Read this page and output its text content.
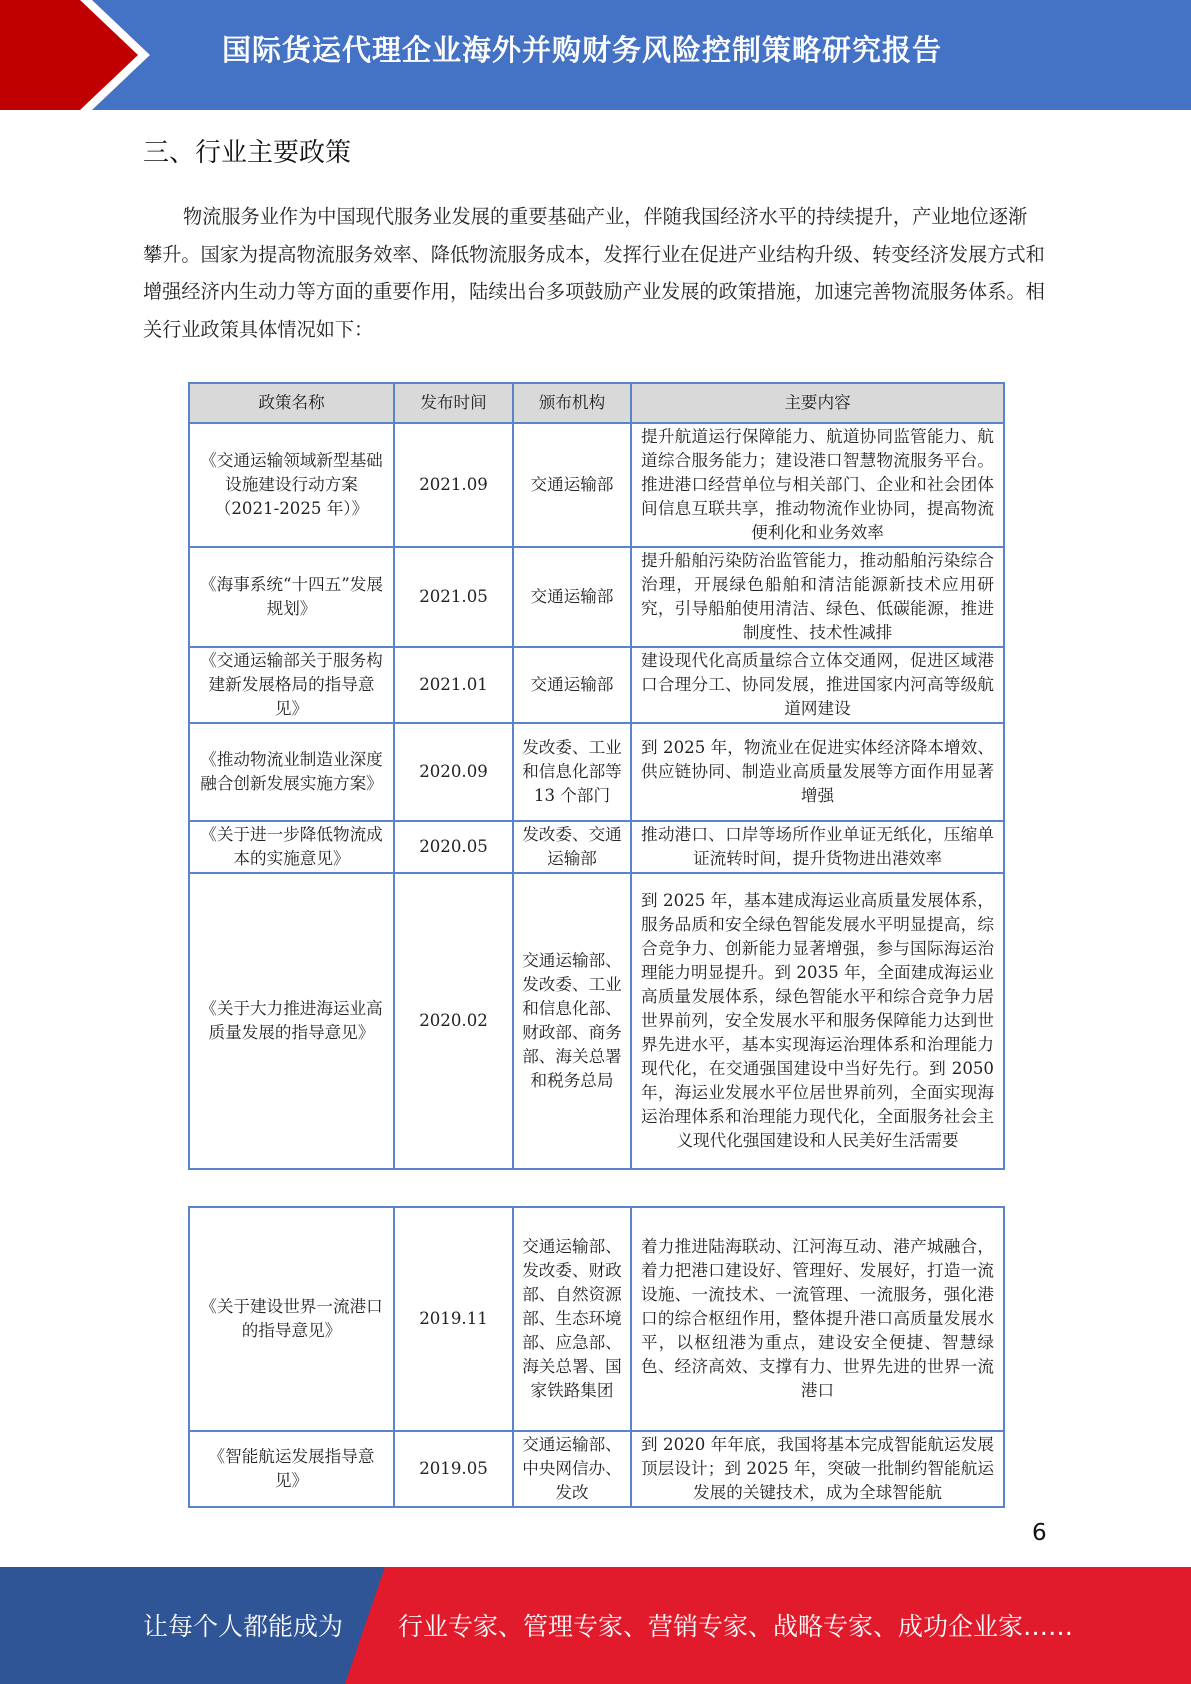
国际货运代理企业海外并购财务风险控制策略研究报告
三、行业主要政策
物流服务业作为中国现代服务业发展的重要基础产业，伴随我国经济水平的持续提升，产业地位逐渐攀升。国家为提高物流服务效率、降低物流服务成本，发挥行业在促进产业结构升级、转变经济发展方式和增强经济内生动力等方面的重要作用，陆续出台多项鼓励产业发展的政策措施，加速完善物流服务体系。相关行业政策具体情况如下：
政策名称	发布时间	颁布机构	主要内容
《交通运输领域新型基础设施建设行动方案（2021-2025 年）》	2021.09	交通运输部	提升航道运行保障能力、航道协同监管能力、航道综合服务能力；建设港口智慧物流服务平台。推进港口经营单位与相关部门、企业和社会团体间信息互联共享，推动物流作业协同，提高物流便利化和业务效率
《海事系统“十四五”发展规划》	2021.05	交通运输部	提升船舶污染防治监管能力，推动船舶污染综合治理，开展绿色船舶和清洁能源新技术应用研究，引导船舶使用清洁、绿色、低碳能源，推进制度性、技术性减排
《交通运输部关于服务构建新发展格局的指导意见》	2021.01	交通运输部	建设现代化高质量综合立体交通网，促进区域港口合理分工、协同发展，推进国家内河高等级航道网建设
《推动物流业制造业深度融合创新发展实施方案》	2020.09	发改委、工业和信息化部等 13 个部门	到 2025 年，物流业在促进实体经济降本增效、供应链协同、制造业高质量发展等方面作用显著增强
《关于进一步降低物流成本的实施意见》	2020.05	发改委、交通运输部	推动港口、口岸等场所作业单证无纸化，压缩单证流转时间，提升货物进出港效率
《关于大力推进海运业高质量发展的指导意见》	2020.02	交通运输部、发改委、工业和信息化部、财政部、商务部、海关总署和税务总局	到 2025 年，基本建成海运业高质量发展体系，服务品质和安全绿色智能发展水平明显提高，综合竞争力、创新能力显著增强，参与国际海运治理能力明显提升。到 2035 年，全面建成海运业高质量发展体系，绿色智能水平和综合竞争力居世界前列，安全发展水平和服务保障能力达到世界先进水平，基本实现海运治理体系和治理能力现代化，在交通强国建设中当好先行。到 2050 年，海运业发展水平位居世界前列，全面实现海运治理体系和治理能力现代化，全面服务社会主义现代化强国建设和人民美好生活需要
《关于建设世界一流港口的指导意见》	2019.11	交通运输部、发改委、财政部、自然资源部、生态环境部、应急部、海关总署、国家铁路集团	着力推进陆海联动、江河海互动、港产城融合，着力把港口建设好、管理好、发展好，打造一流设施、一流技术、一流管理、一流服务，强化港口的综合枢纽作用，整体提升港口高质量发展水平，以枢纽港为重点，建设安全便捷、智慧绿色、经济高效、支撑有力、世界先进的世界一流港口
《智能航运发展指导意见》	2019.05	交通运输部、中央网信办、发改	到 2020 年年底，我国将基本完成智能航运发展顶层设计；到 2025 年，突破一批制约智能航运发展的关键技术，成为全球智能航
6
让每个人都能成为 行业专家、管理专家、营销专家、战略专家、成功企业家……
